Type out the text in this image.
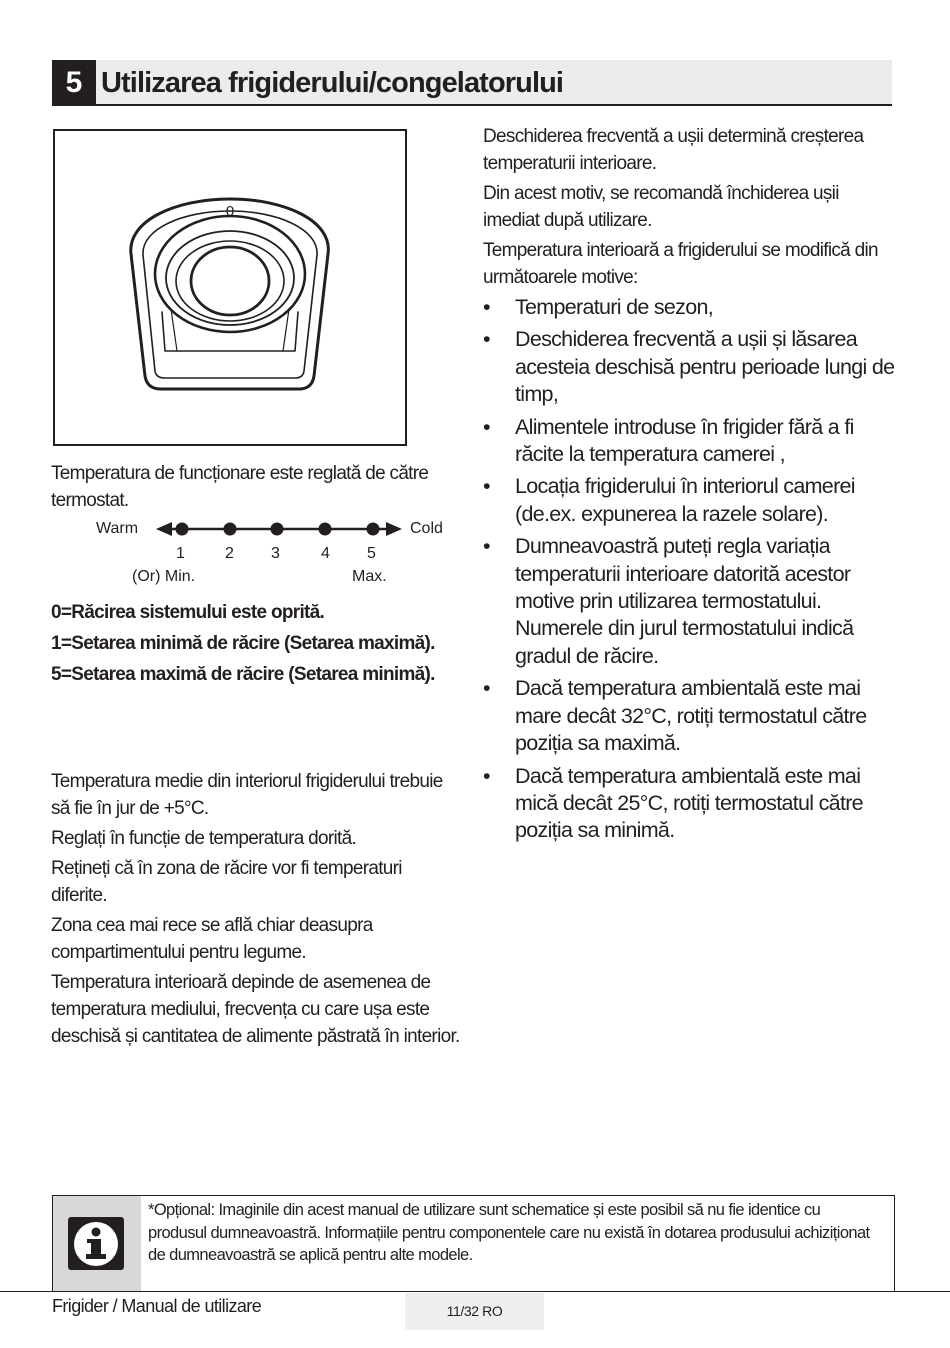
5 Utilizarea frigiderului/congelatorului
0

Temperatura de funcționare este reglată de către termostat.

Warm	Cold
1	2 3	4 5
(Or) Min.	Max.

0=Răcirea sistemului este oprită.

1=Setarea minimă de răcire (Setarea maximă).

5=Setarea maximă de răcire (Setarea minimă).

Temperatura medie din interiorul frigiderului trebuie să fie în jur de +5°C.

Reglați în funcție de temperatura dorită.

Rețineți că în zona de răcire vor fi temperaturi diferite.

Zona cea mai rece se află chiar deasupra compartimentului pentru legume.

Temperatura interioară depinde de asemenea de temperatura mediului, frecvența cu care ușa este deschisă și cantitatea de alimente păstrată în interior.

Deschiderea frecventă a ușii determină creșterea temperaturii interioare.

Din acest motiv, se recomandă închiderea ușii imediat după utilizare.

Temperatura interioară a frigiderului se modifică din următoarele motive:

• Temperaturi de sezon,

• Deschiderea frecventă a ușii și lăsarea acesteia deschisă pentru perioade lungi de timp,

• Alimentele introduse în frigider fără a fi răcite la temperatura camerei ,

• Locația frigiderului în interiorul camerei (de.ex. expunerea la razele solare).

• Dumneavoastră puteți regla variația temperaturii interioare datorită acestor motive prin utilizarea termostatului. Numerele din jurul termostatului indică gradul de răcire.

• Dacă temperatura ambientală este mai mare decât 32°C, rotiți termostatul către poziția sa maximă.

• Dacă temperatura ambientală este mai mică decât 25°C, rotiți termostatul către poziția sa minimă.

*Opțional: Imaginile din acest manual de utilizare sunt schematice și este posibil să nu fie identice cu produsul dumneavoastră. Informațiile pentru componentele care nu există în dotarea produsului achiziționat de dumneavoastră se aplică pentru alte modele.

Frigider / Manual de utilizare	11/32 RO
